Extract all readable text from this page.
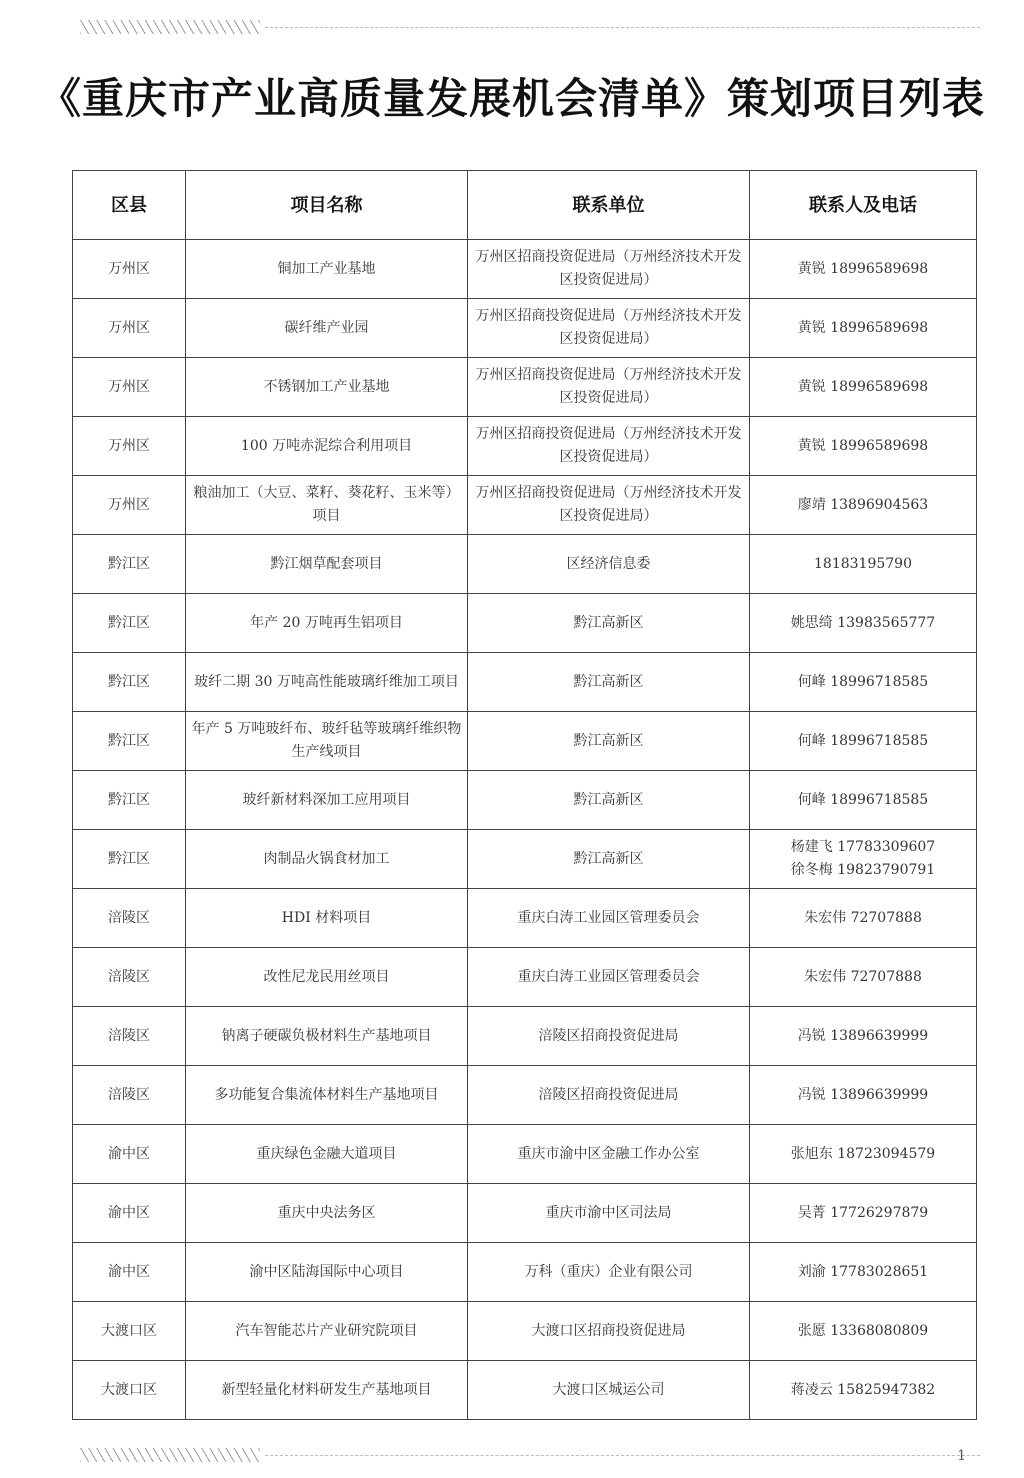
《重庆市产业高质量发展机会清单》策划项目列表
区县	项目名称	联系单位	联系人及电话
万州区	铜加工产业基地	万州区招商投资促进局（万州经济技术开发区投资促进局）	黄锐 18996589698
万州区	碳纤维产业园	万州区招商投资促进局（万州经济技术开发区投资促进局）	黄锐 18996589698
万州区	不锈钢加工产业基地	万州区招商投资促进局（万州经济技术开发区投资促进局）	黄锐 18996589698
万州区	100 万吨赤泥综合利用项目	万州区招商投资促进局（万州经济技术开发区投资促进局）	黄锐 18996589698
万州区	粮油加工（大豆、菜籽、葵花籽、玉米等）项目	万州区招商投资促进局（万州经济技术开发区投资促进局）	廖靖 13896904563
黔江区	黔江烟草配套项目	区经济信息委	18183195790
黔江区	年产 20 万吨再生铝项目	黔江高新区	姚思绮 13983565777
黔江区	玻纤二期 30 万吨高性能玻璃纤维加工项目	黔江高新区	何峰 18996718585
黔江区	年产 5 万吨玻纤布、玻纤毡等玻璃纤维织物生产线项目	黔江高新区	何峰 18996718585
黔江区	玻纤新材料深加工应用项目	黔江高新区	何峰 18996718585
黔江区	肉制品火锅食材加工	黔江高新区	杨建飞 17783309607
徐冬梅 19823790791

涪陵区	HDI 材料项目	重庆白涛工业园区管理委员会	朱宏伟 72707888
涪陵区	改性尼龙民用丝项目	重庆白涛工业园区管理委员会	朱宏伟 72707888
涪陵区	钠离子硬碳负极材料生产基地项目	涪陵区招商投资促进局	冯锐 13896639999
涪陵区	多功能复合集流体材料生产基地项目	涪陵区招商投资促进局	冯锐 13896639999
渝中区	重庆绿色金融大道项目	重庆市渝中区金融工作办公室	张旭东 18723094579
渝中区	重庆中央法务区	重庆市渝中区司法局	吴菁 17726297879
渝中区	渝中区陆海国际中心项目	万科（重庆）企业有限公司	刘渝 17783028651
大渡口区	汽车智能芯片产业研究院项目	大渡口区招商投资促进局	张愿 13368080809
大渡口区	新型轻量化材料研发生产基地项目	大渡口区城运公司	蒋凌云 15825947382
1
